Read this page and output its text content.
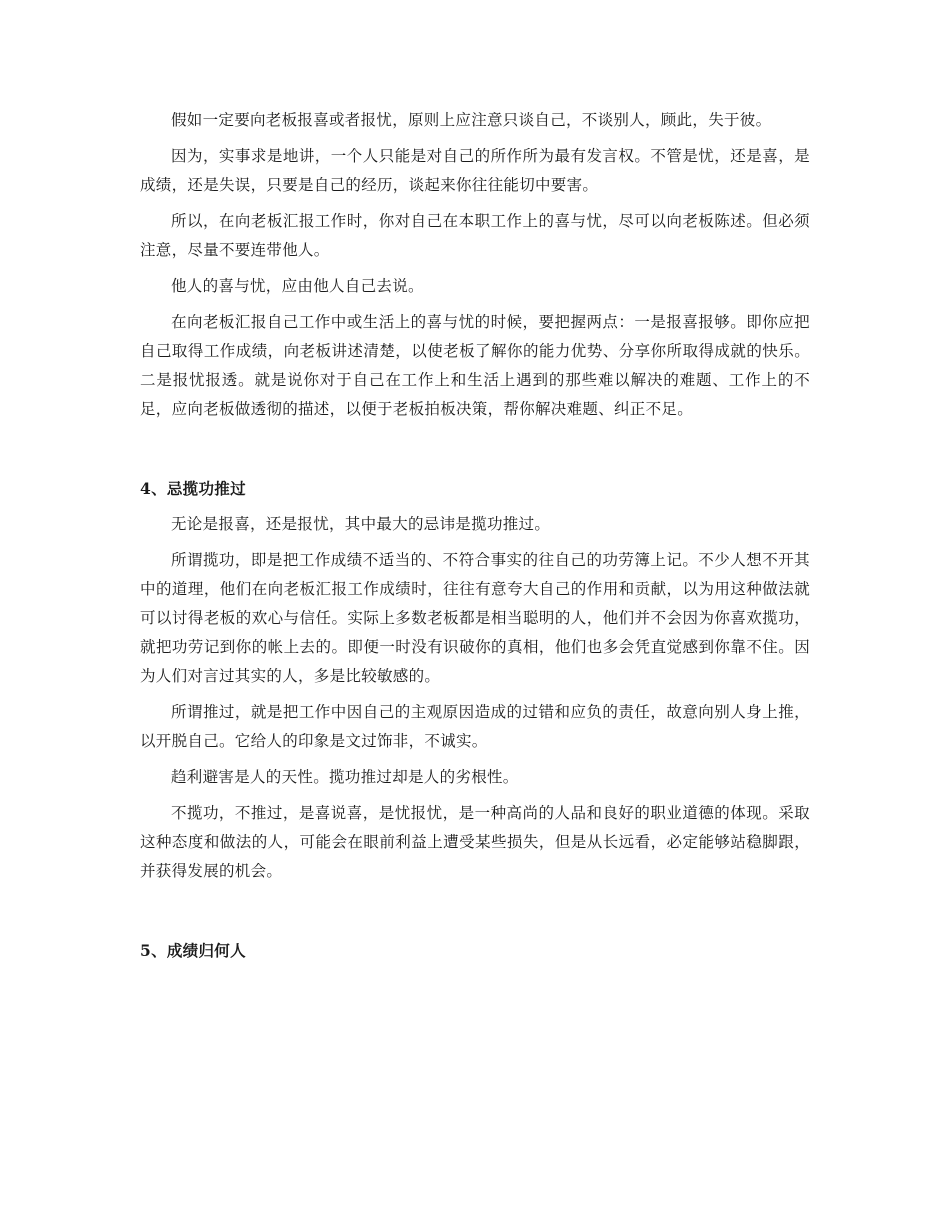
假如一定要向老板报喜或者报忧，原则上应注意只谈自己，不谈别人，顾此，失于彼。

因为，实事求是地讲，一个人只能是对自己的所作所为最有发言权。不管是忧，还是喜，是成绩，还是失误，只要是自己的经历，谈起来你往往能切中要害。

所以，在向老板汇报工作时，你对自己在本职工作上的喜与忧，尽可以向老板陈述。但必须注意，尽量不要连带他人。

他人的喜与忧，应由他人自己去说。

在向老板汇报自己工作中或生活上的喜与忧的时候，要把握两点：一是报喜报够。即你应把自己取得工作成绩，向老板讲述清楚，以使老板了解你的能力优势、分享你所取得成就的快乐。二是报忧报透。就是说你对于自己在工作上和生活上遇到的那些难以解决的难题、工作上的不足，应向老板做透彻的描述，以便于老板拍板决策，帮你解决难题、纠正不足。

4、忌揽功推过

无论是报喜，还是报忧，其中最大的忌讳是揽功推过。

所谓揽功，即是把工作成绩不适当的、不符合事实的往自己的功劳簿上记。不少人想不开其中的道理，他们在向老板汇报工作成绩时，往往有意夸大自己的作用和贡献，以为用这种做法就可以讨得老板的欢心与信任。实际上多数老板都是相当聪明的人，他们并不会因为你喜欢揽功，就把功劳记到你的帐上去的。即便一时没有识破你的真相，他们也多会凭直觉感到你靠不住。因为人们对言过其实的人，多是比较敏感的。

所谓推过，就是把工作中因自己的主观原因造成的过错和应负的责任，故意向别人身上推，以开脱自己。它给人的印象是文过饰非，不诚实。

趋利避害是人的天性。揽功推过却是人的劣根性。

不揽功，不推过，是喜说喜，是忧报忧，是一种高尚的人品和良好的职业道德的体现。采取这种态度和做法的人，可能会在眼前利益上遭受某些损失，但是从长远看，必定能够站稳脚跟，并获得发展的机会。

5、成绩归何人
